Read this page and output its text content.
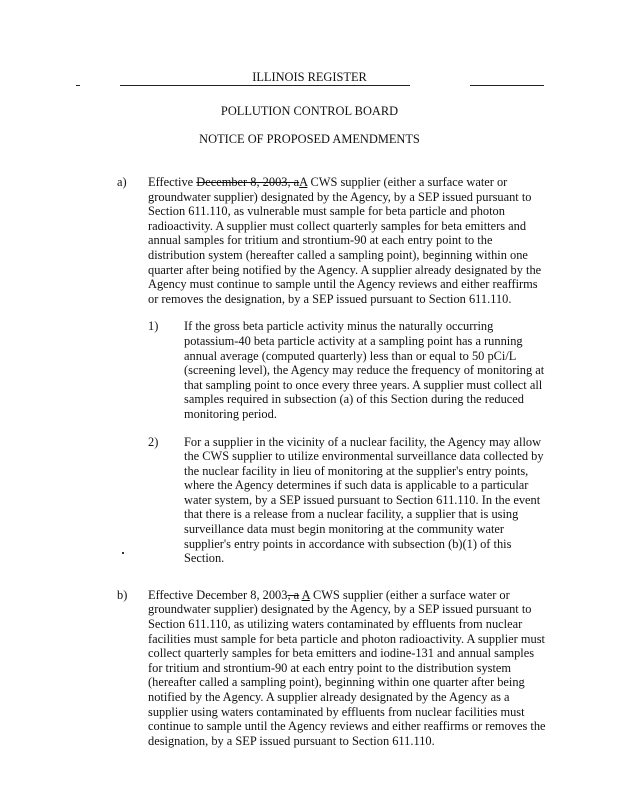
ILLINOIS REGISTER
POLLUTION CONTROL BOARD
NOTICE OF PROPOSED AMENDMENTS
a)	Effective December 8, 2003, aA CWS supplier (either a surface water or groundwater supplier) designated by the Agency, by a SEP issued pursuant to Section 611.110, as vulnerable must sample for beta particle and photon radioactivity. A supplier must collect quarterly samples for beta emitters and annual samples for tritium and strontium-90 at each entry point to the distribution system (hereafter called a sampling point), beginning within one quarter after being notified by the Agency. A supplier already designated by the Agency must continue to sample until the Agency reviews and either reaffirms or removes the designation, by a SEP issued pursuant to Section 611.110.
1)	If the gross beta particle activity minus the naturally occurring potassium-40 beta particle activity at a sampling point has a running annual average (computed quarterly) less than or equal to 50 pCi/L (screening level), the Agency may reduce the frequency of monitoring at that sampling point to once every three years. A supplier must collect all samples required in subsection (a) of this Section during the reduced monitoring period.
2)	For a supplier in the vicinity of a nuclear facility, the Agency may allow the CWS supplier to utilize environmental surveillance data collected by the nuclear facility in lieu of monitoring at the supplier's entry points, where the Agency determines if such data is applicable to a particular water system, by a SEP issued pursuant to Section 611.110. In the event that there is a release from a nuclear facility, a supplier that is using surveillance data must begin monitoring at the community water supplier's entry points in accordance with subsection (b)(1) of this Section.
b)	Effective December 8, 2003, a A CWS supplier (either a surface water or groundwater supplier) designated by the Agency, by a SEP issued pursuant to Section 611.110, as utilizing waters contaminated by effluents from nuclear facilities must sample for beta particle and photon radioactivity. A supplier must collect quarterly samples for beta emitters and iodine-131 and annual samples for tritium and strontium-90 at each entry point to the distribution system (hereafter called a sampling point), beginning within one quarter after being notified by the Agency. A supplier already designated by the Agency as a supplier using waters contaminated by effluents from nuclear facilities must continue to sample until the Agency reviews and either reaffirms or removes the designation, by a SEP issued pursuant to Section 611.110.
